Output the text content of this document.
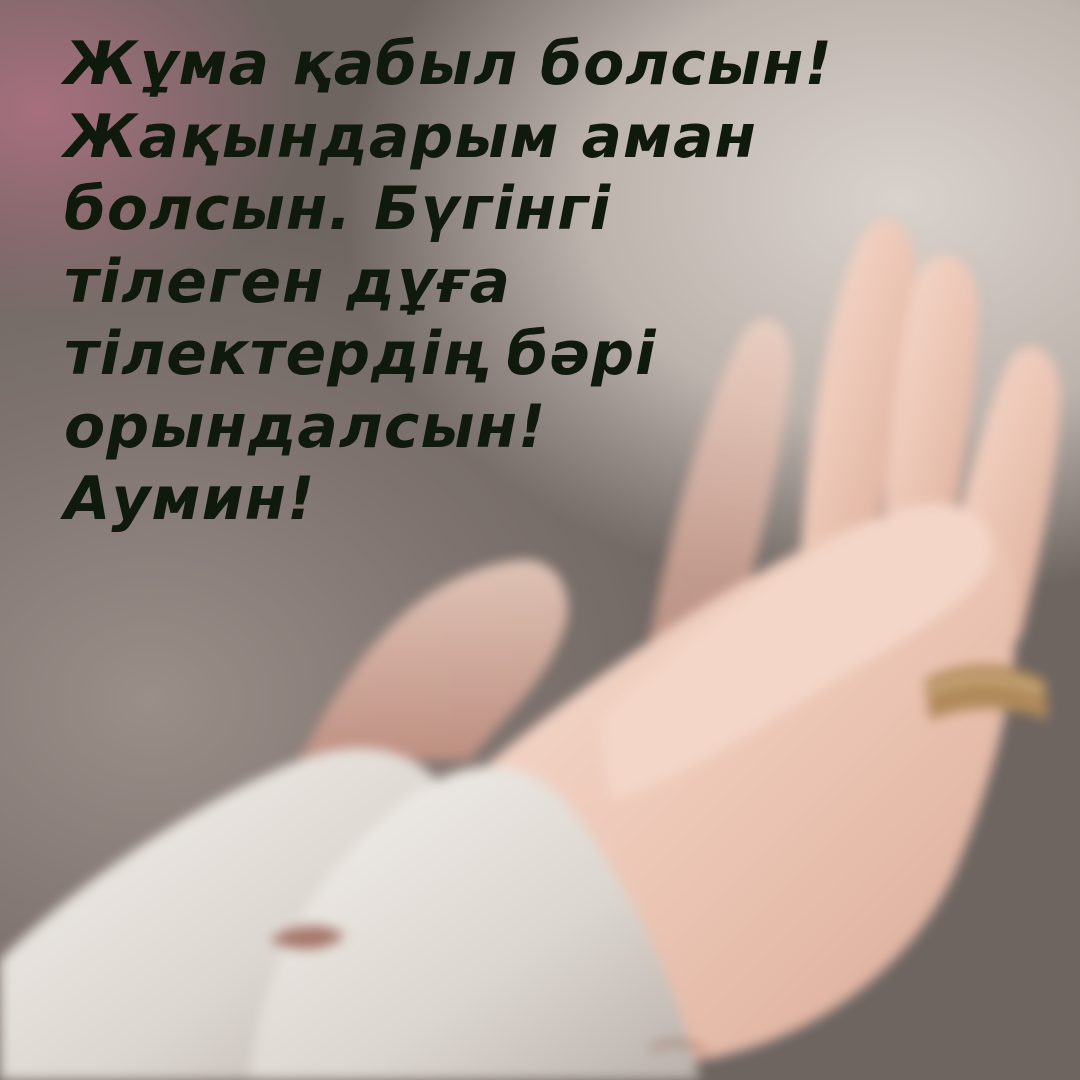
Жұма қабыл болсын!
Жақындарым аман
болсын. Бүгінгі
тілеген дұға
тілектердің бәрі
орындалсын!
Аумин!
